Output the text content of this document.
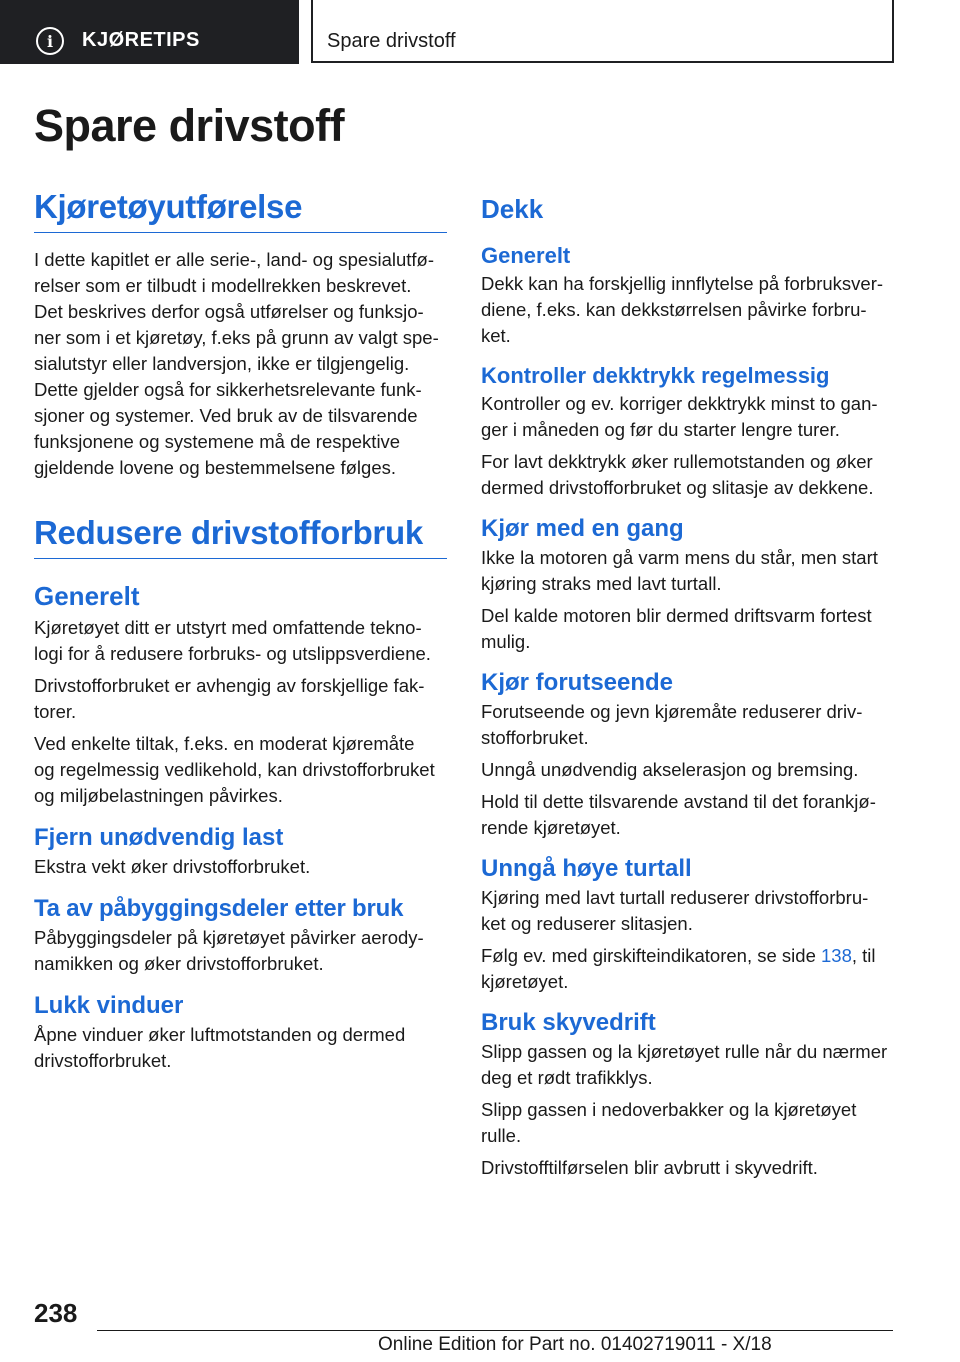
i	KJØRETIPS	Spare drivstoff
Spare drivstoff
Kjøretøyutførelse

I dette kapitlet er alle serie-, land- og spesialutfø-
relser som er tilbudt i modellrekken beskrevet.
Det beskrives derfor også utførelser og funksjo-
ner som i et kjøretøy, f.eks på grunn av valgt spe-
sialutstyr eller landversjon, ikke er tilgjengelig.
Dette gjelder også for sikkerhetsrelevante funk-
sjoner og systemer. Ved bruk av de tilsvarende
funksjonene og systemene må de respektive
gjeldende lovene og bestemmelsene følges.

Redusere drivstofforbruk
Generelt

Kjøretøyet ditt er utstyrt med omfattende tekno-
logi for å redusere forbruks- og utslippsverdiene.

Drivstofforbruket er avhengig av forskjellige fak-
torer.

Ved enkelte tiltak, f.eks. en moderat kjøremåte
og regelmessig vedlikehold, kan drivstofforbruket
og miljøbelastningen påvirkes.

Fjern unødvendig last

Ekstra vekt øker drivstofforbruket.

Ta av påbyggingsdeler etter bruk

Påbyggingsdeler på kjøretøyet påvirker aerody-
namikken og øker drivstofforbruket.

Lukk vinduer

Åpne vinduer øker luftmotstanden og dermed
drivstofforbruket.

Dekk
Generelt

Dekk kan ha forskjellig innflytelse på forbruksver-
diene, f.eks. kan dekkstørrelsen påvirke forbru-
ket.

Kontroller dekktrykk regelmessig

Kontroller og ev. korriger dekktrykk minst to gan-
ger i måneden og før du starter lengre turer.

For lavt dekktrykk øker rullemotstanden og øker
dermed drivstofforbruket og slitasje av dekkene.

Kjør med en gang

Ikke la motoren gå varm mens du står, men start
kjøring straks med lavt turtall.

Del kalde motoren blir dermed driftsvarm fortest
mulig.

Kjør forutseende

Forutseende og jevn kjøremåte reduserer driv-
stofforbruket.

Unngå unødvendig akselerasjon og bremsing.

Hold til dette tilsvarende avstand til det forankjø-
rende kjøretøyet.

Unngå høye turtall

Kjøring med lavt turtall reduserer drivstofforbru-
ket og reduserer slitasjen.

Følg ev. med girskifteindikatoren, se side 138, til
kjøretøyet.

Bruk skyvedrift

Slipp gassen og la kjøretøyet rulle når du nærmer
deg et rødt trafikklys.

Slipp gassen i nedoverbakker og la kjøretøyet
rulle.

Drivstofftilførselen blir avbrutt i skyvedrift.

238
Online Edition for Part no. 01402719011 - X/18
